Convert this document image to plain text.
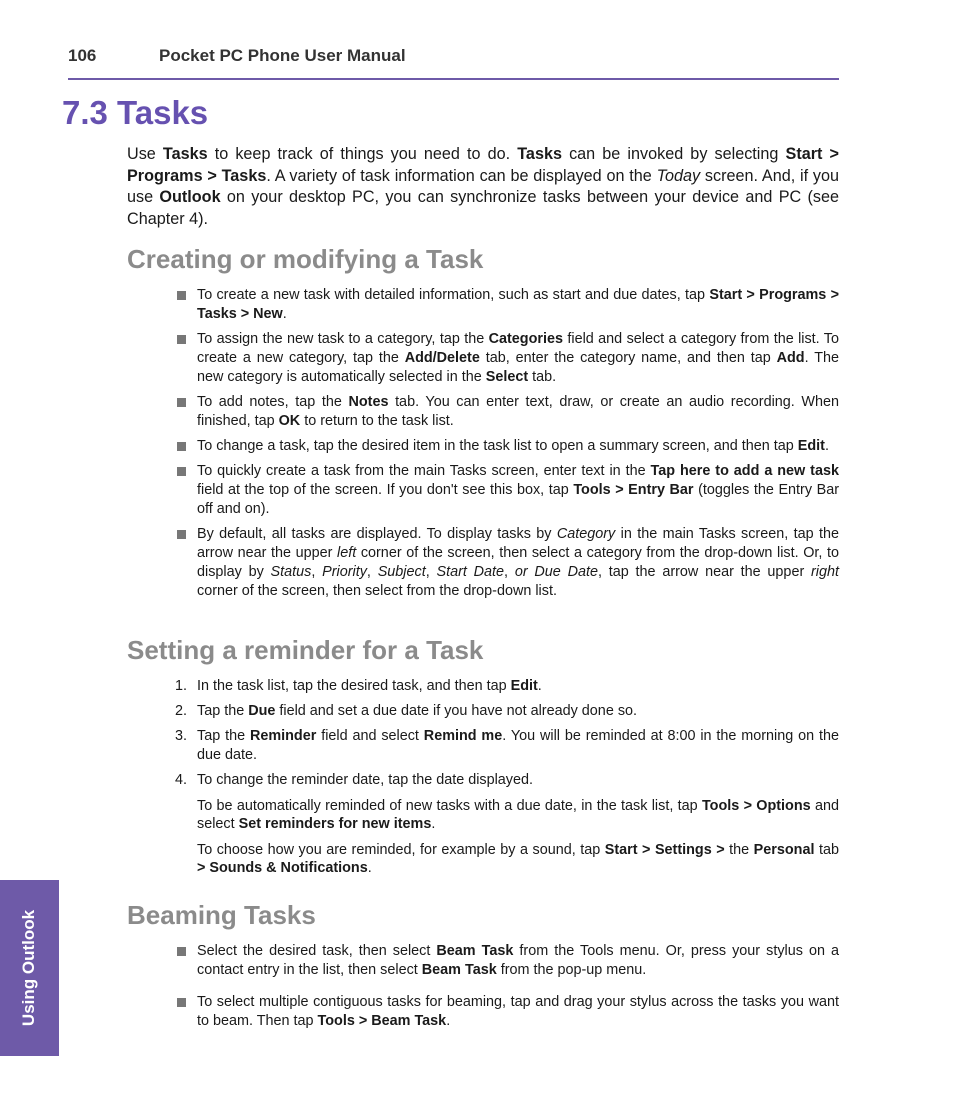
106	Pocket PC Phone User Manual
7.3 Tasks

Use Tasks to keep track of things you need to do. Tasks can be invoked by selecting Start > Programs > Tasks. A variety of task information can be displayed on the Today screen. And, if you use Outlook on your desktop PC, you can synchronize tasks between your device and PC (see Chapter 4).

Creating or modifying a Task
To create a new task with detailed information, such as start and due dates, tap Start > Programs > Tasks > New.
To assign the new task to a category, tap the Categories field and select a category from the list. To create a new category, tap the Add/Delete tab, enter the category name, and then tap Add. The new category is automatically selected in the Select tab.
To add notes, tap the Notes tab. You can enter text, draw, or create an audio recording. When finished, tap OK to return to the task list.
To change a task, tap the desired item in the task list to open a summary screen, and then tap Edit.
To quickly create a task from the main Tasks screen, enter text in the Tap here to add a new task field at the top of the screen. If you don't see this box, tap Tools > Entry Bar (toggles the Entry Bar off and on).
By default, all tasks are displayed. To display tasks by Category in the main Tasks screen, tap the arrow near the upper left corner of the screen, then select a category from the drop-down list. Or, to display by Status, Priority, Subject, Start Date, or Due Date, tap the arrow near the upper right corner of the screen, then select from the drop-down list.
Setting a reminder for a Task
1. In the task list, tap the desired task, and then tap Edit.
2. Tap the Due field and set a due date if you have not already done so.
3. Tap the Reminder field and select Remind me. You will be reminded at 8:00 in the morning on the due date.
4. To change the reminder date, tap the date displayed.

To be automatically reminded of new tasks with a due date, in the task list, tap Tools > Options and select Set reminders for new items.

To choose how you are reminded, for example by a sound, tap Start > Settings > the Personal tab > Sounds & Notifications.

Beaming Tasks
Select the desired task, then select Beam Task from the Tools menu. Or, press your stylus on a contact entry in the list, then select Beam Task from the pop-up menu.
To select multiple contiguous tasks for beaming, tap and drag your stylus across the tasks you want to beam. Then tap Tools > Beam Task.
Using Outlook
